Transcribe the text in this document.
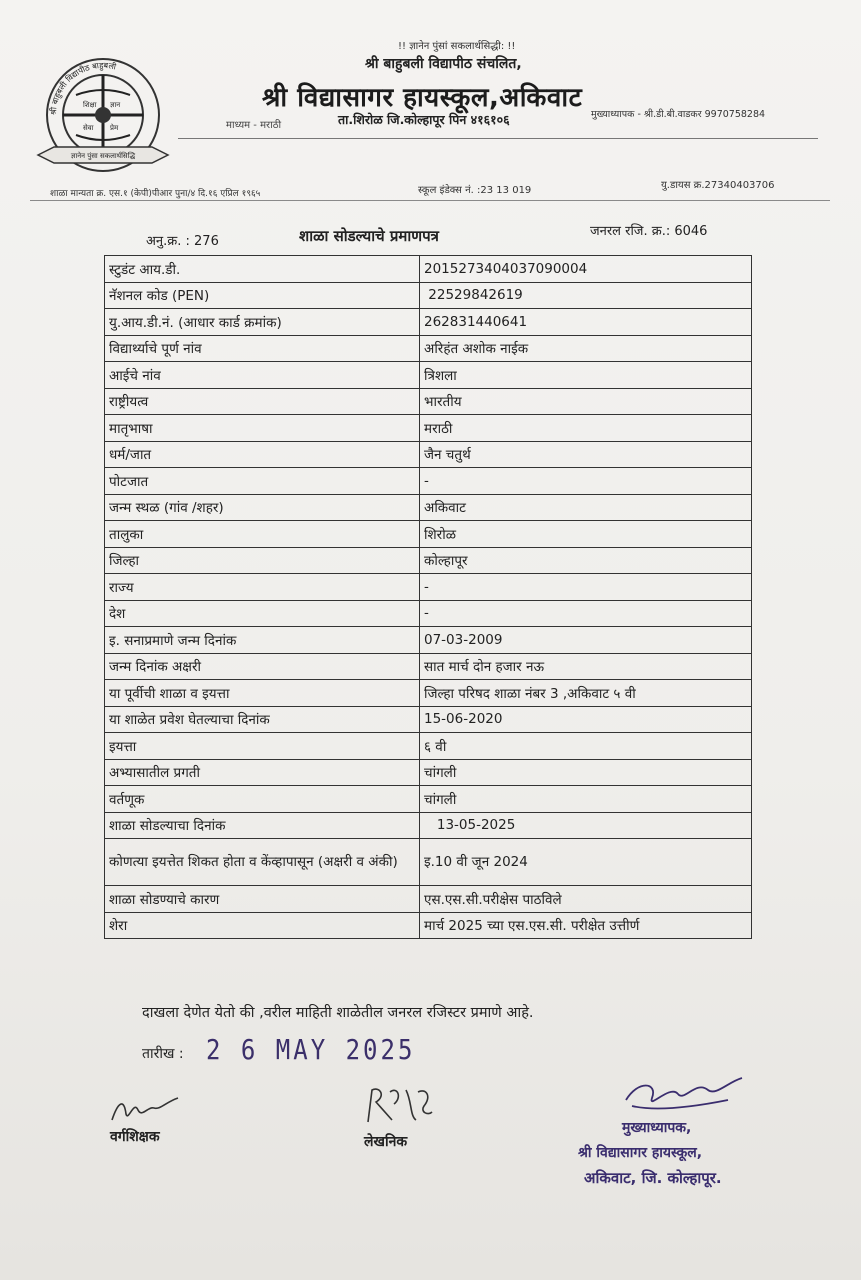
शिक्षा ज्ञान
सेवा प्रेम
श्री बाहुबली विद्यापीठ बाहुबली
ज्ञानेन पुंसा सकलार्थसिद्धि
!! ज्ञानेन पुंसां सकलार्थसिद्धी: !!
श्री बाहुबली विद्यापीठ संचलित,
श्री विद्यासागर हायस्कूल,अकिवाट
माध्यम - मराठी	ता.शिरोळ जि.कोल्हापूर पिन ४१६१०६	मुख्याध्यापक - श्री.डी.बी.वाडकर 9970758284
शाळा मान्यता क्र. एस.१ (केपी)पीआर पुना/४ दि.१६ एप्रिल १९६५	स्कूल इंडेक्स नं. :23 13 019	यु.डायस क्र.27340403706
अनु.क्र. : 276	शाळा सोडल्याचे प्रमाणपत्र	जनरल रजि. क्र.: 6046
स्टुडंट आय.डी.	2015273404037090004
नॅशनल कोड (PEN)	22529842619
यु.आय.डी.नं. (आधार कार्ड क्रमांक)	262831440641
विद्यार्थ्याचे पूर्ण नांव	अरिहंत अशोक नाईक
आईचे नांव	त्रिशला
राष्ट्रीयत्व	भारतीय
मातृभाषा	मराठी
धर्म/जात	जैन चतुर्थ
पोटजात	-
जन्म स्थळ (गांव /शहर)	अकिवाट
तालुका	शिरोळ
जिल्हा	कोल्हापूर
राज्य	-
देश	-
इ. सनाप्रमाणे जन्म दिनांक	07-03-2009
जन्म दिनांक अक्षरी	सात मार्च दोन हजार नऊ
या पूर्वीची शाळा व इयत्ता	जिल्हा परिषद शाळा नंबर 3 ,अकिवाट ५ वी
या शाळेत प्रवेश घेतल्याचा दिनांक	15-06-2020
इयत्ता	६ वी
अभ्यासातील प्रगती	चांगली
वर्तणूक	चांगली
शाळा सोडल्याचा दिनांक	13-05-2025
कोणत्या इयत्तेत शिकत होता व केंव्हापासून (अक्षरी व अंकी)	इ.10 वी जून 2024
शाळा सोडण्याचे कारण	एस.एस.सी.परीक्षेस पाठविले
शेरा	मार्च 2025 च्या एस.एस.सी. परीक्षेत उत्तीर्ण
दाखला देणेत येतो की ,वरील माहिती शाळेतील जनरल रजिस्टर प्रमाणे आहे.
तारीख : 2 6 MAY 2025
वर्गशिक्षक	लेखनिक
मुख्याध्यापक,
श्री विद्यासागर हायस्कूल,
अकिवाट, जि. कोल्हापूर.
